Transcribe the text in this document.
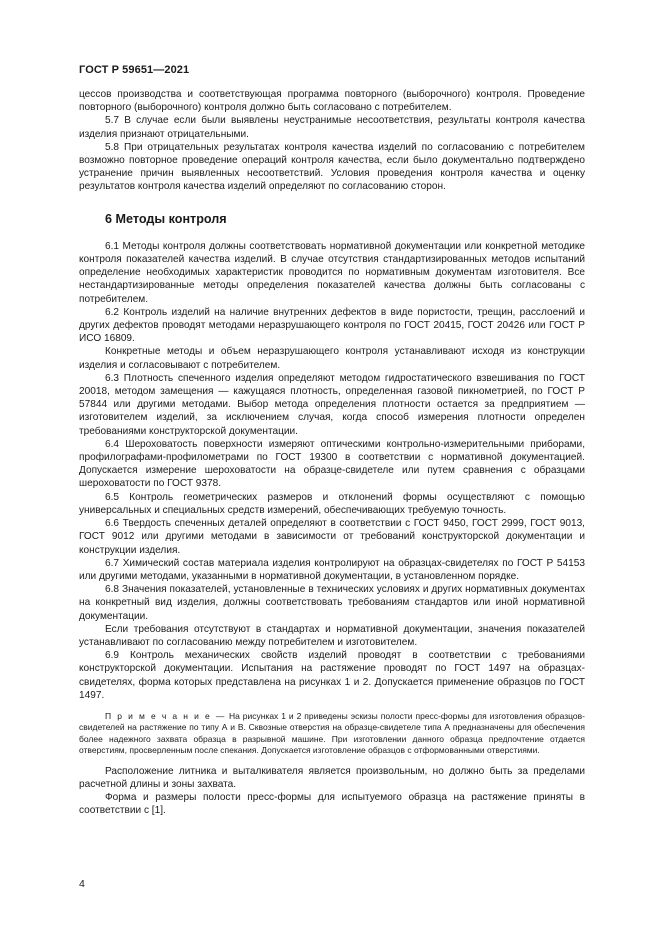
ГОСТ Р 59651—2021

цессов производства и соответствующая программа повторного (выборочного) контроля. Проведение повторного (выборочного) контроля должно быть согласовано с потребителем.

5.7 В случае если были выявлены неустранимые несоответствия, результаты контроля качества изделия признают отрицательными.

5.8 При отрицательных результатах контроля качества изделий по согласованию с потребителем возможно повторное проведение операций контроля качества, если было документально подтверждено устранение причин выявленных несоответствий. Условия проведения контроля качества и оценку результатов контроля качества изделий определяют по согласованию сторон.

6 Методы контроля

6.1 Методы контроля должны соответствовать нормативной документации или конкретной методике контроля показателей качества изделий. В случае отсутствия стандартизированных методов испытаний определение необходимых характеристик проводится по нормативным документам изготовителя. Все нестандартизированные методы определения показателей качества должны быть согласованы с потребителем.

6.2 Контроль изделий на наличие внутренних дефектов в виде пористости, трещин, расслоений и других дефектов проводят методами неразрушающего контроля по ГОСТ 20415, ГОСТ 20426 или ГОСТ Р ИСО 16809.

Конкретные методы и объем неразрушающего контроля устанавливают исходя из конструкции изделия и согласовывают с потребителем.

6.3 Плотность спеченного изделия определяют методом гидростатического взвешивания по ГОСТ 20018, методом замещения — кажущаяся плотность, определенная газовой пикнометрией, по ГОСТ Р 57844 или другими методами. Выбор метода определения плотности остается за предприятием — изготовителем изделий, за исключением случая, когда способ измерения плотности определен требованиями конструкторской документации.

6.4 Шероховатость поверхности измеряют оптическими контрольно-измерительными приборами, профилографами-профилометрами по ГОСТ 19300 в соответствии с нормативной документацией. Допускается измерение шероховатости на образце-свидетеле или путем сравнения с образцами шероховатости по ГОСТ 9378.

6.5 Контроль геометрических размеров и отклонений формы осуществляют с помощью универсальных и специальных средств измерений, обеспечивающих требуемую точность.

6.6 Твердость спеченных деталей определяют в соответствии с ГОСТ 9450, ГОСТ 2999, ГОСТ 9013, ГОСТ 9012 или другими методами в зависимости от требований конструкторской документации и конструкции изделия.

6.7 Химический состав материала изделия контролируют на образцах-свидетелях по ГОСТ Р 54153 или другими методами, указанными в нормативной документации, в установленном порядке.

6.8 Значения показателей, установленные в технических условиях и других нормативных документах на конкретный вид изделия, должны соответствовать требованиям стандартов или иной нормативной документации.

Если требования отсутствуют в стандартах и нормативной документации, значения показателей устанавливают по согласованию между потребителем и изготовителем.

6.9 Контроль механических свойств изделий проводят в соответствии с требованиями конструкторской документации. Испытания на растяжение проводят по ГОСТ 1497 на образцах-свидетелях, форма которых представлена на рисунках 1 и 2. Допускается применение образцов по ГОСТ 1497.

П р и м е ч а н и е — На рисунках 1 и 2 приведены эскизы полости пресс-формы для изготовления образцов-свидетелей на растяжение по типу А и В. Сквозные отверстия на образце-свидетеле типа А предназначены для обеспечения более надежного захвата образца в разрывной машине. При изготовлении данного образца предпочтение отдается отверстиям, просверленным после спекания. Допускается изготовление образцов с отформованными отверстиями.

Расположение литника и выталкивателя является произвольным, но должно быть за пределами расчетной длины и зоны захвата.

Форма и размеры полости пресс-формы для испытуемого образца на растяжение приняты в соответствии с [1].

4
